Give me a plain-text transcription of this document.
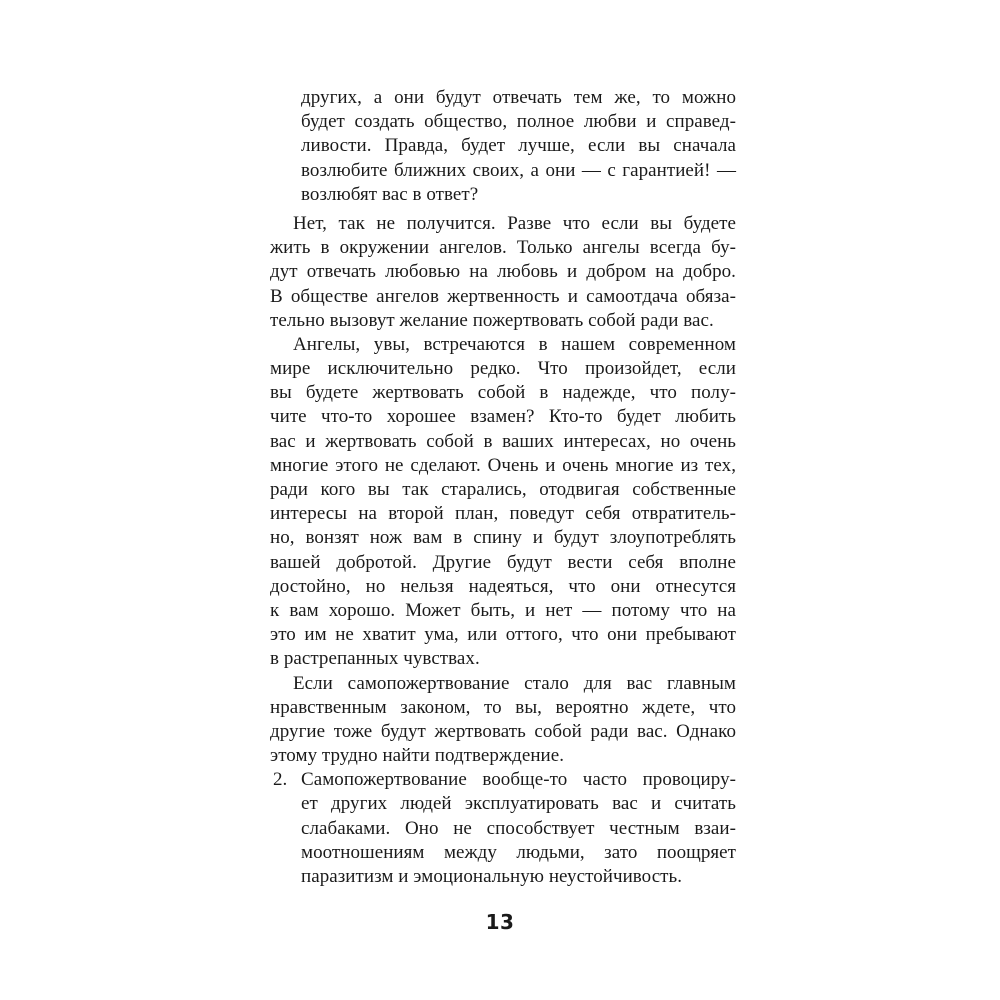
других, а они будут отвечать тем же, то можно
будет создать общество, полное любви и справед-
ливости. Правда, будет лучше, если вы сначала
возлюбите ближних своих, а они — с гарантией! —
возлюбят вас в ответ?
Нет, так не получится. Разве что если вы будете
жить в окружении ангелов. Только ангелы всегда бу-
дут отвечать любовью на любовь и добром на добро.
В обществе ангелов жертвенность и самоотдача обяза-
тельно вызовут желание пожертвовать собой ради вас.
Ангелы, увы, встречаются в нашем современном
мире исключительно редко. Что произойдет, если
вы будете жертвовать собой в надежде, что полу-
чите что-то хорошее взамен? Кто-то будет любить
вас и жертвовать собой в ваших интересах, но очень
многие этого не сделают. Очень и очень многие из тех,
ради кого вы так старались, отодвигая собственные
интересы на второй план, поведут себя отвратитель-
но, вонзят нож вам в спину и будут злоупотреблять
вашей добротой. Другие будут вести себя вполне
достойно, но нельзя надеяться, что они отнесутся
к вам хорошо. Может быть, и нет — потому что на
это им не хватит ума, или оттого, что они пребывают
в растрепанных чувствах.
Если самопожертвование стало для вас главным
нравственным законом, то вы, вероятно ждете, что
другие тоже будут жертвовать собой ради вас. Однако
этому трудно найти подтверждение.
2. Самопожертвование вообще-то часто провоциру-
ет других людей эксплуатировать вас и считать
слабаками. Оно не способствует честным взаи-
моотношениям между людьми, зато поощряет
паразитизм и эмоциональную неустойчивость.
13
